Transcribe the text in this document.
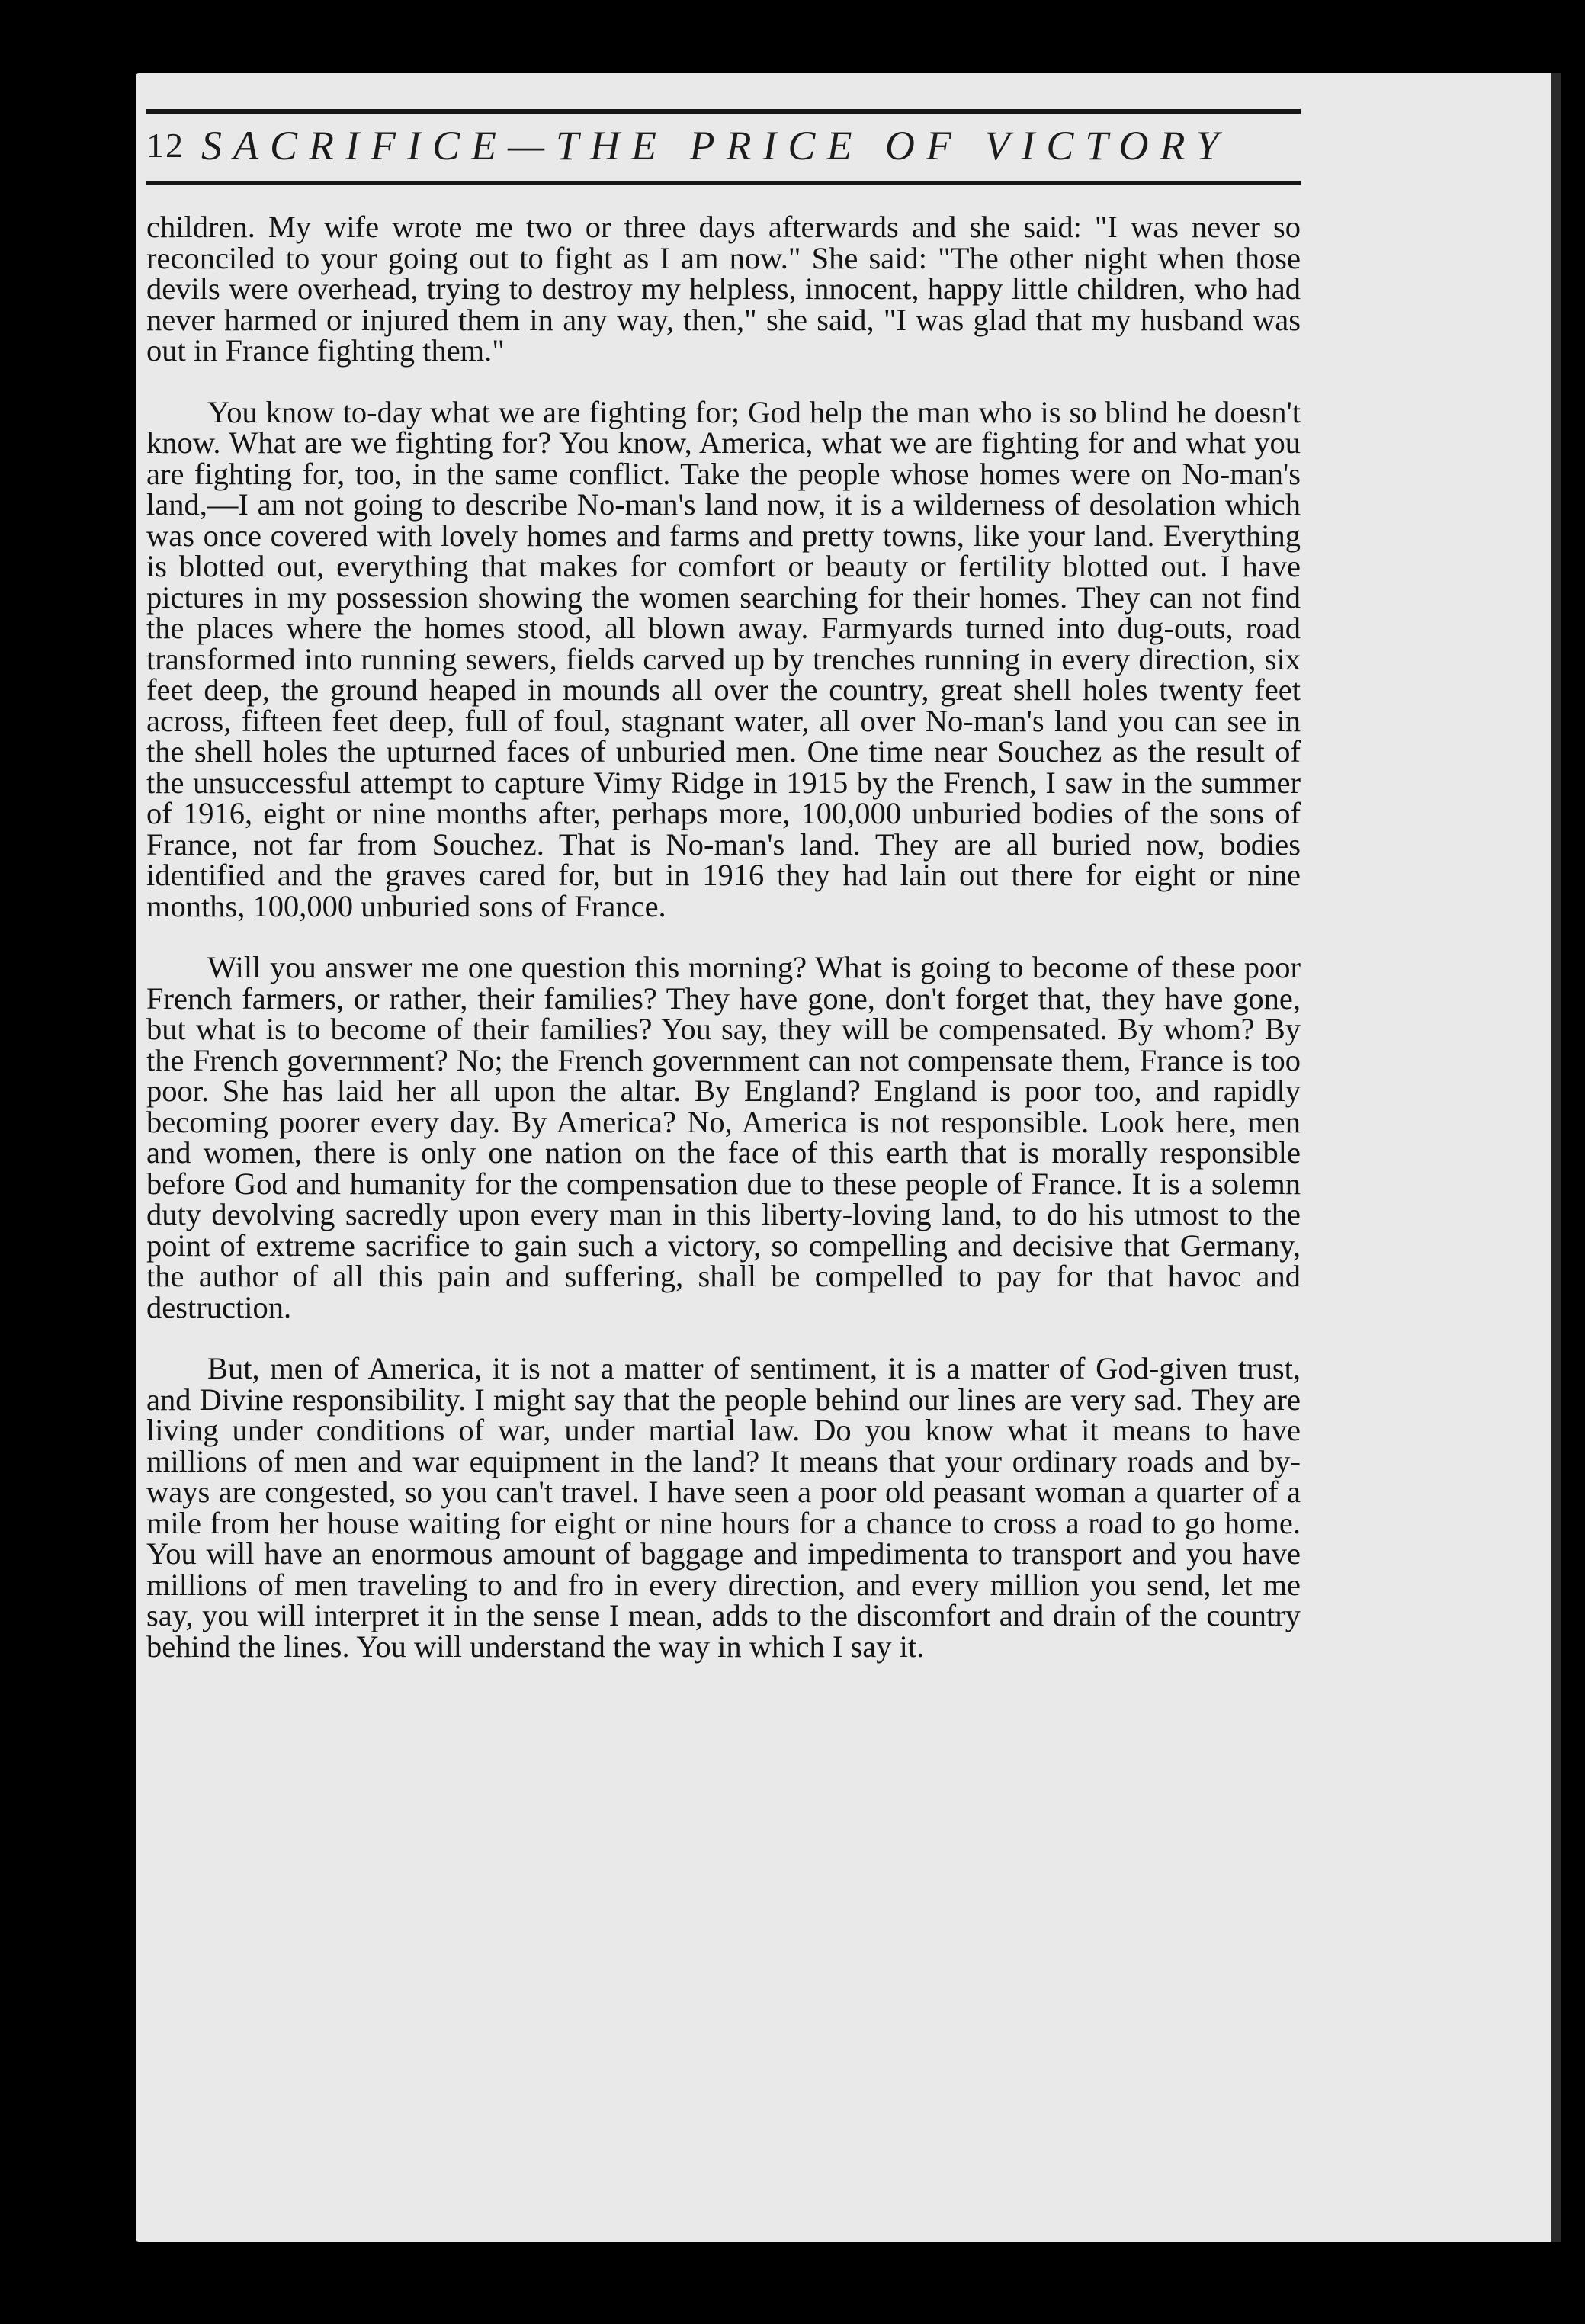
12 SACRIFICE—THE PRICE OF VICTORY

children. My wife wrote me two or three days afterwards and she said: "I was never so reconciled to your going out to fight as I am now." She said: "The other night when those devils were overhead, trying to destroy my helpless, innocent, happy little children, who had never harmed or injured them in any way, then," she said, "I was glad that my husband was out in France fighting them."

You know to-day what we are fighting for; God help the man who is so blind he doesn't know. What are we fighting for? You know, America, what we are fighting for and what you are fighting for, too, in the same conflict. Take the people whose homes were on No-man's land,—I am not going to describe No-man's land now, it is a wilderness of desolation which was once covered with lovely homes and farms and pretty towns, like your land. Everything is blotted out, everything that makes for comfort or beauty or fertility blotted out. I have pictures in my possession showing the women searching for their homes. They can not find the places where the homes stood, all blown away. Farmyards turned into dug-outs, road transformed into running sewers, fields carved up by trenches running in every direction, six feet deep, the ground heaped in mounds all over the country, great shell holes twenty feet across, fifteen feet deep, full of foul, stagnant water, all over No-man's land you can see in the shell holes the upturned faces of unburied men. One time near Souchez as the result of the unsuccessful attempt to capture Vimy Ridge in 1915 by the French, I saw in the summer of 1916, eight or nine months after, perhaps more, 100,000 unburied bodies of the sons of France, not far from Souchez. That is No-man's land. They are all buried now, bodies identified and the graves cared for, but in 1916 they had lain out there for eight or nine months, 100,000 unburied sons of France.

Will you answer me one question this morning? What is going to become of these poor French farmers, or rather, their families? They have gone, don't forget that, they have gone, but what is to become of their families? You say, they will be compensated. By whom? By the French government? No; the French government can not compensate them, France is too poor. She has laid her all upon the altar. By England? England is poor too, and rapidly becoming poorer every day. By America? No, America is not responsible. Look here, men and women, there is only one nation on the face of this earth that is morally responsible before God and humanity for the compensation due to these people of France. It is a solemn duty devolving sacredly upon every man in this liberty-loving land, to do his utmost to the point of extreme sacrifice to gain such a victory, so compelling and decisive that Germany, the author of all this pain and suffering, shall be compelled to pay for that havoc and destruction.

But, men of America, it is not a matter of sentiment, it is a matter of God-given trust, and Divine responsibility. I might say that the people behind our lines are very sad. They are living under conditions of war, under martial law. Do you know what it means to have millions of men and war equipment in the land? It means that your ordinary roads and by-ways are congested, so you can't travel. I have seen a poor old peasant woman a quarter of a mile from her house waiting for eight or nine hours for a chance to cross a road to go home. You will have an enormous amount of baggage and impedimenta to transport and you have millions of men traveling to and fro in every direction, and every million you send, let me say, you will interpret it in the sense I mean, adds to the discomfort and drain of the country behind the lines. You will understand the way in which I say it.
